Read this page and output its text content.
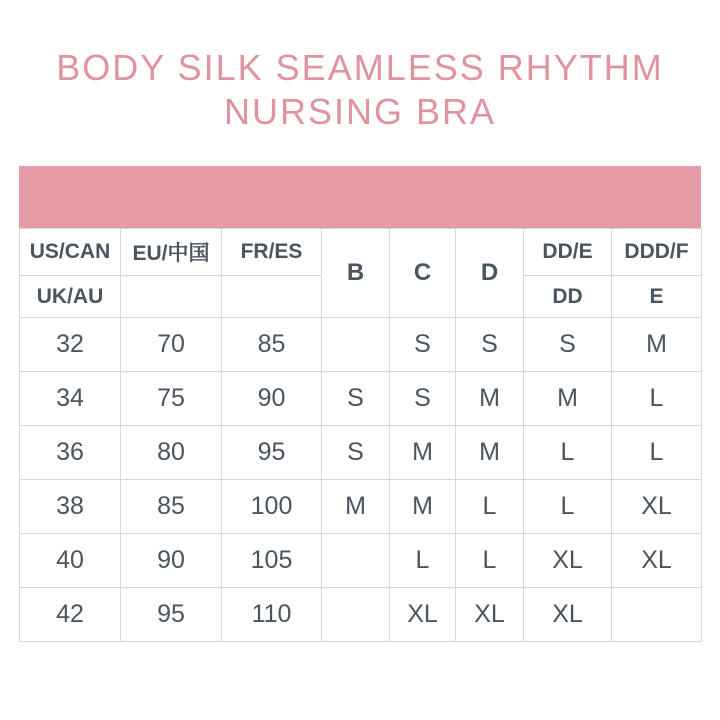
BODY SILK SEAMLESS RHYTHM
NURSING BRA
US/CAN	EU/中国	FR/ES	B	C	D	DD/E	DDD/F
UK/AU						DD	E
32	70	85		S	S	S	M
34	75	90	S	S	M	M	L
36	80	95	S	M	M	L	L
38	85	100	M	M	L	L	XL
40	90	105		L	L	XL	XL
42	95	110		XL	XL	XL	
